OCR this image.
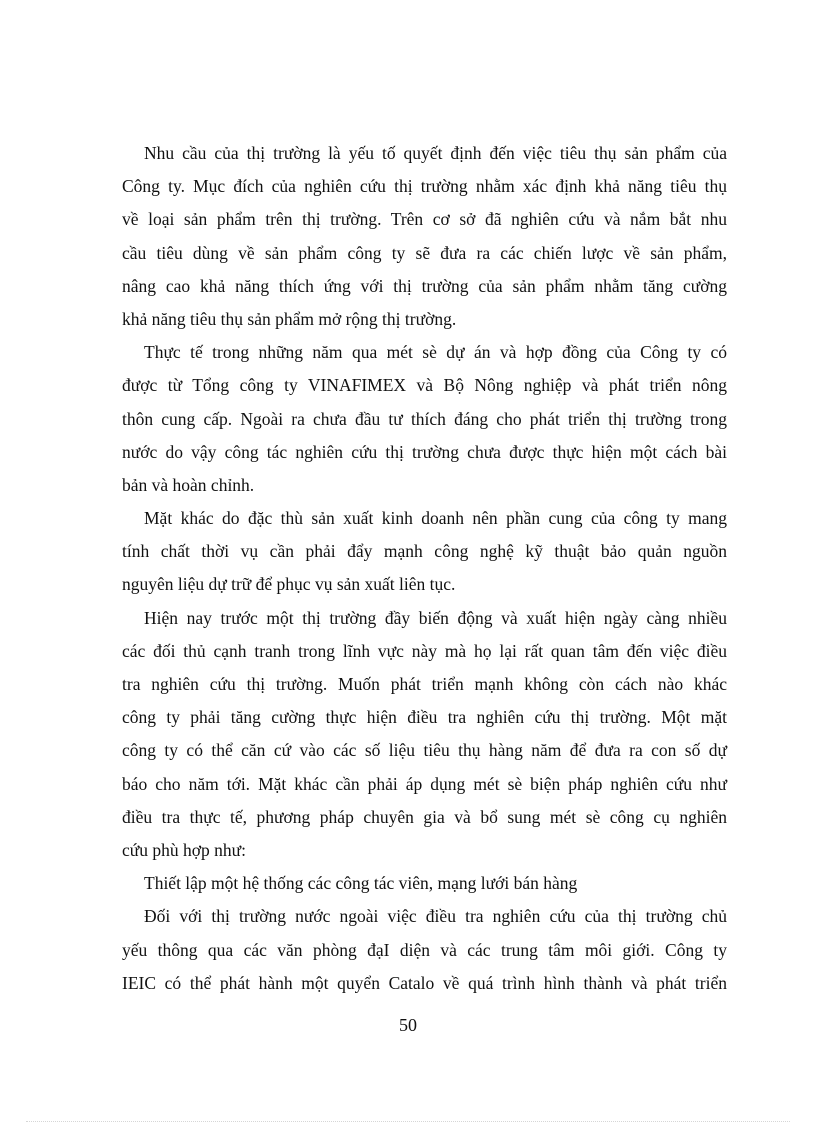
Nhu cầu của thị trường là yếu tố quyết định đến việc tiêu thụ sản phẩm của
Công ty. Mục đích của nghiên cứu thị trường nhằm xác định khả năng tiêu thụ
về loại sản phẩm trên thị trường. Trên cơ sở đã nghiên cứu và nắm bắt nhu
cầu tiêu dùng về sản phẩm công ty sẽ đưa ra các chiến lược về sản phẩm,
nâng cao khả năng thích ứng với thị trường của sản phẩm nhằm tăng cường
khả năng tiêu thụ sản phẩm mở rộng thị trường.
Thực tế trong những năm qua mét sè dự án và hợp đồng của Công ty có
được từ Tổng công ty VINAFIMEX và Bộ Nông nghiệp và phát triển nông
thôn cung cấp. Ngoài ra chưa đầu tư thích đáng cho phát triển thị trường trong
nước do vậy công tác nghiên cứu thị trường chưa được thực hiện một cách bài
bản và hoàn chỉnh.
Mặt khác do đặc thù sản xuất kinh doanh nên phần cung của công ty mang
tính chất thời vụ cần phải đẩy mạnh công nghệ kỹ thuật bảo quản nguồn
nguyên liệu dự trữ để phục vụ sản xuất liên tục.
Hiện nay trước một thị trường đầy biến động và xuất hiện ngày càng nhiều
các đối thủ cạnh tranh trong lĩnh vực này mà họ lại rất quan tâm đến việc điều
tra nghiên cứu thị trường. Muốn phát triển mạnh không còn cách nào khác
công ty phải tăng cường thực hiện điều tra nghiên cứu thị trường. Một mặt
công ty có thể căn cứ vào các số liệu tiêu thụ hàng năm để đưa ra con số dự
báo cho năm tới. Mặt khác cần phải áp dụng mét sè biện pháp nghiên cứu như
điều tra thực tế, phương pháp chuyên gia và bổ sung mét sè công cụ nghiên
cứu phù hợp như:
Thiết lập một hệ thống các công tác viên, mạng lưới bán hàng
Đối với thị trường nước ngoài việc điều tra nghiên cứu của thị trường chủ
yếu thông qua các văn phòng đạI diện và các trung tâm môi giới. Công ty
IEIC có thể phát hành một quyển Catalo về quá trình hình thành và phát triển
50
